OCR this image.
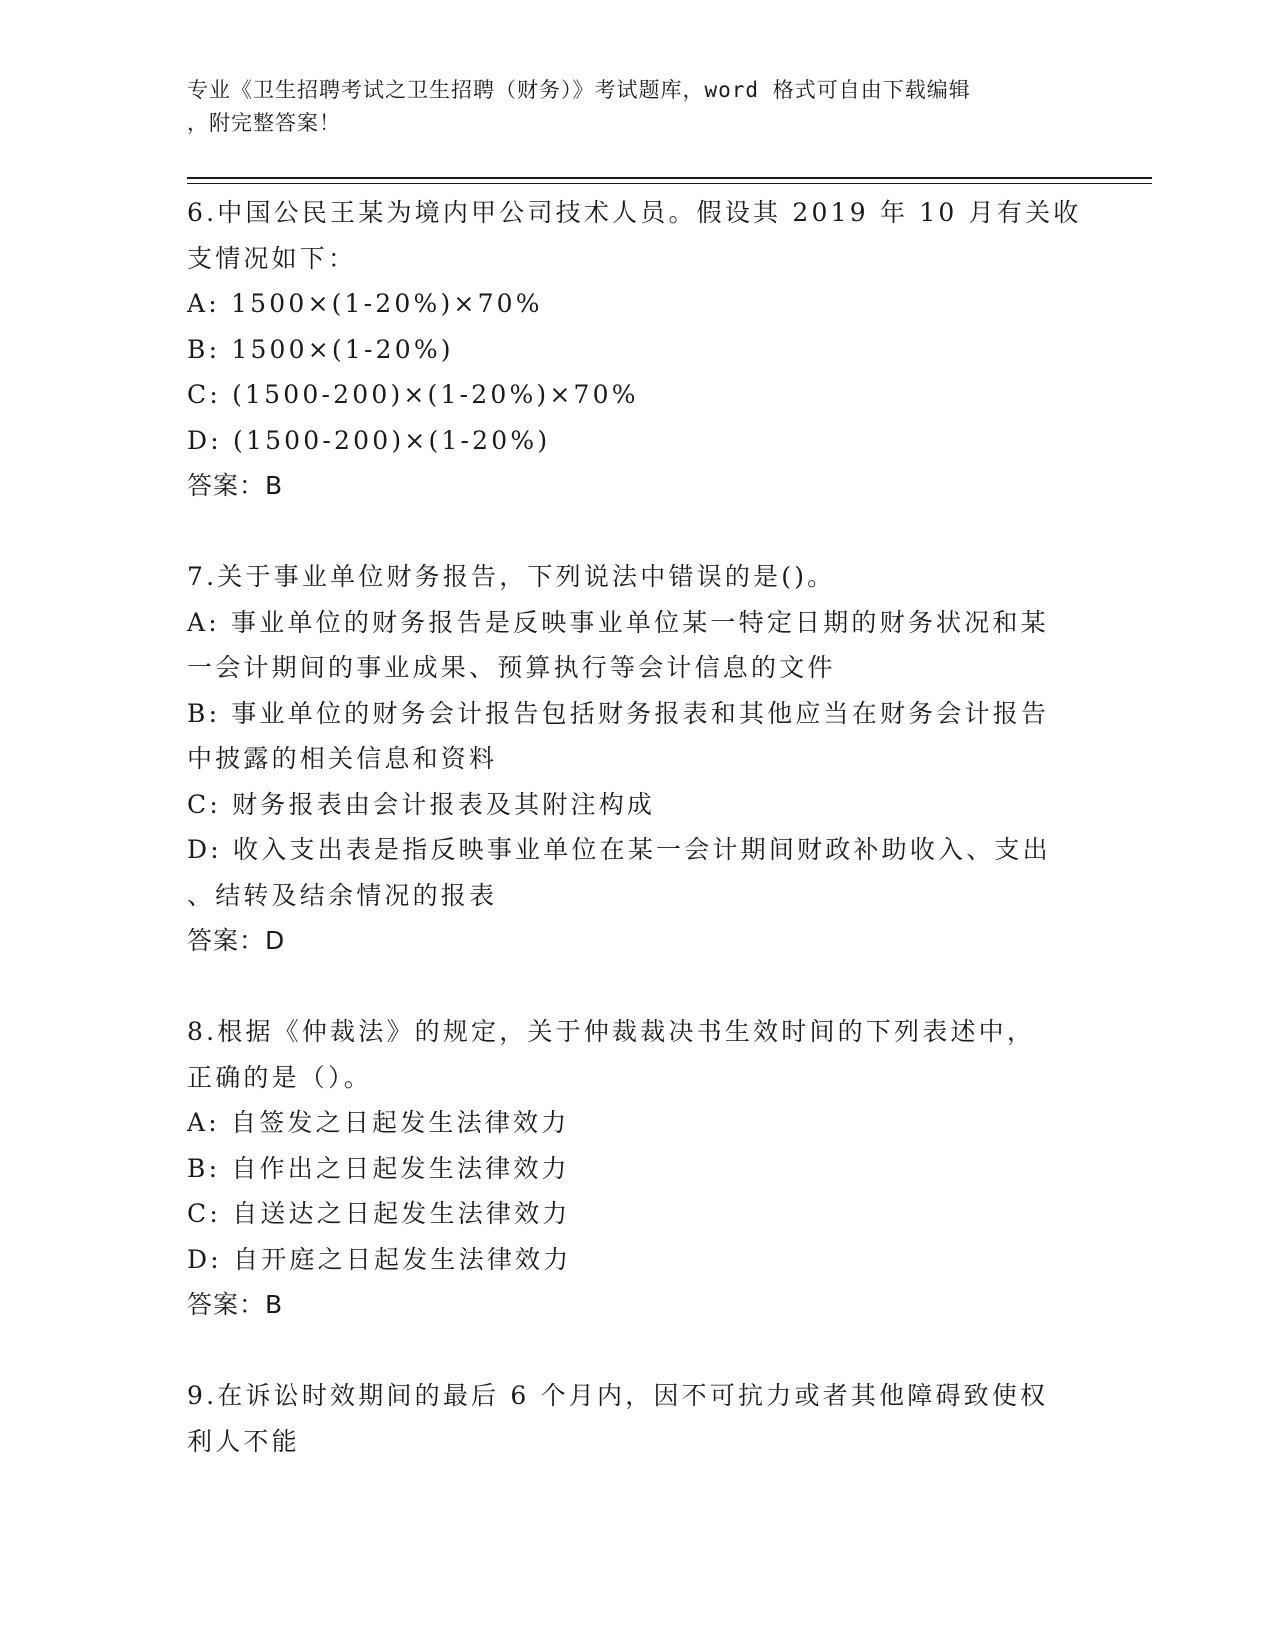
专业《卫生招聘考试之卫生招聘（财务）》考试题库，word 格式可自由下载编辑
，附完整答案！
6.中国公民王某为境内甲公司技术人员。假设其 2019 年 10 月有关收
支情况如下：
A: 1500×(1-20%)×70%
B: 1500×(1-20%)
C: (1500-200)×(1-20%)×70%
D: (1500-200)×(1-20%)
答案：B
7.关于事业单位财务报告，下列说法中错误的是()。
A: 事业单位的财务报告是反映事业单位某一特定日期的财务状况和某
一会计期间的事业成果、预算执行等会计信息的文件
B: 事业单位的财务会计报告包括财务报表和其他应当在财务会计报告
中披露的相关信息和资料
C: 财务报表由会计报表及其附注构成
D: 收入支出表是指反映事业单位在某一会计期间财政补助收入、支出
、结转及结余情况的报表
答案：D
8.根据《仲裁法》的规定，关于仲裁裁决书生效时间的下列表述中，
正确的是（）。
A: 自签发之日起发生法律效力
B: 自作出之日起发生法律效力
C: 自送达之日起发生法律效力
D: 自开庭之日起发生法律效力
答案：B
9.在诉讼时效期间的最后 6 个月内，因不可抗力或者其他障碍致使权
利人不能
